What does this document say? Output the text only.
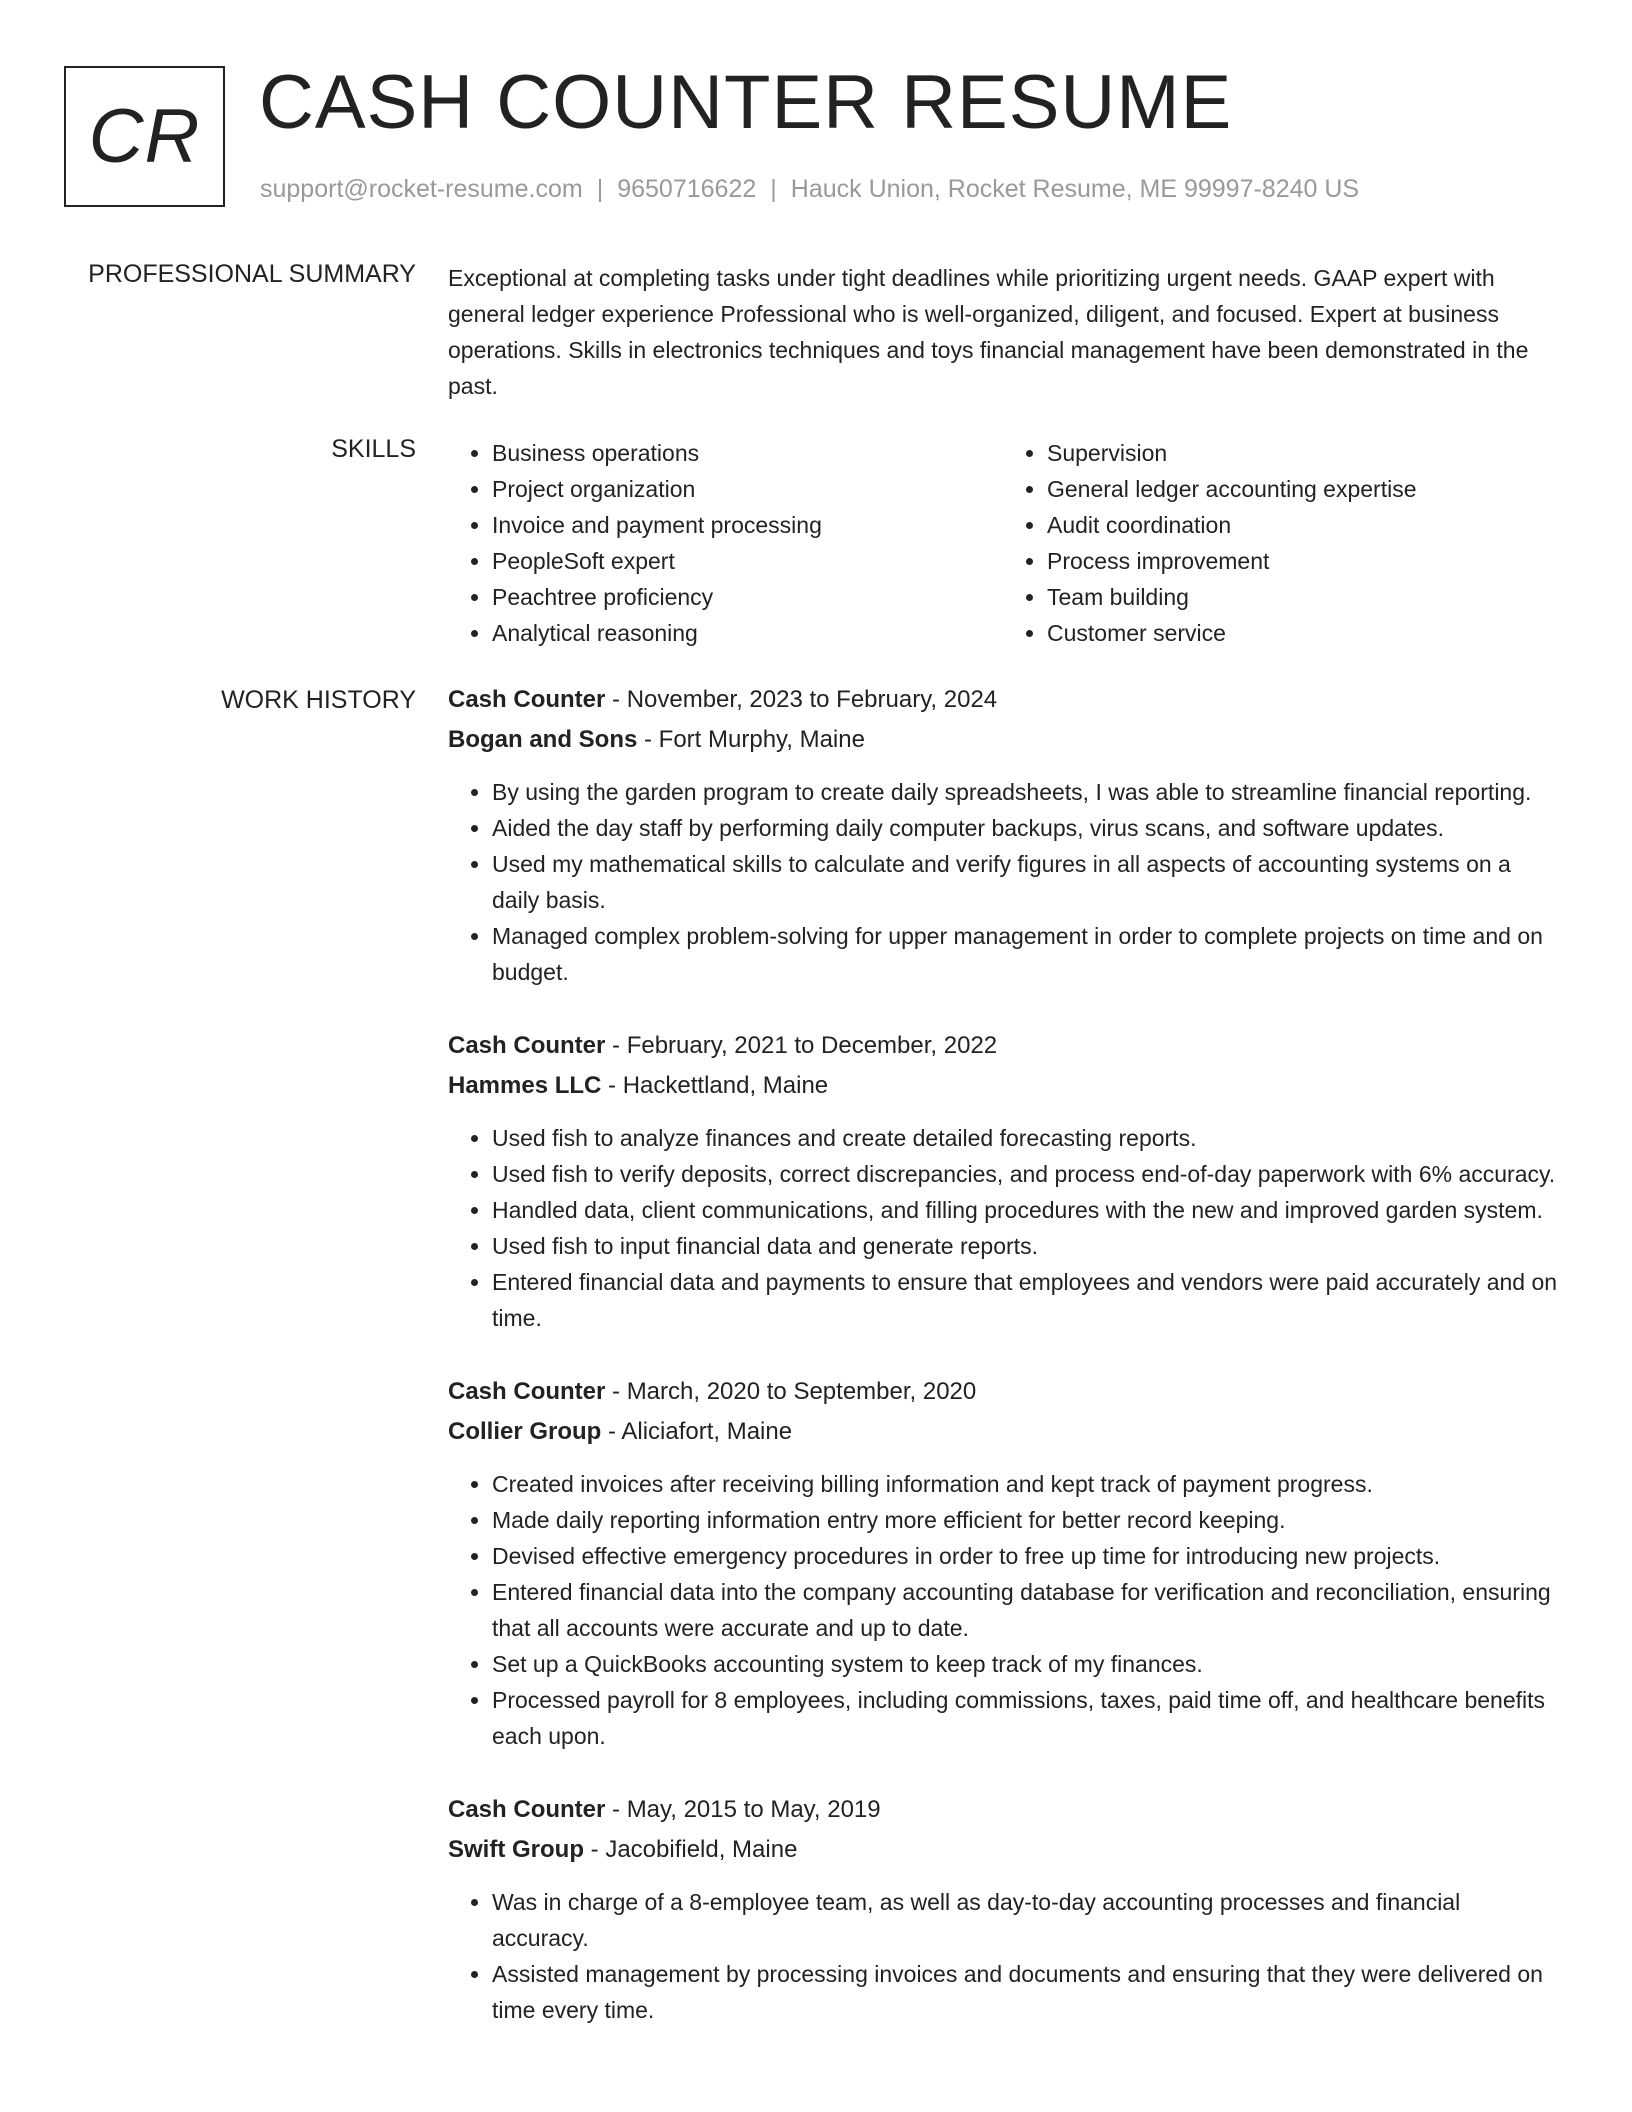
CR CASH COUNTER RESUME
support@rocket-resume.com | 9650716622 | Hauck Union, Rocket Resume, ME 99997-8240 US
PROFESSIONAL SUMMARY Exceptional at completing tasks under tight deadlines while prioritizing urgent needs. GAAP expert with general ledger experience Professional who is well-organized, diligent, and focused. Expert at business operations. Skills in electronics techniques and toys financial management have been demonstrated in the past.

SKILLS
•	Business operations
• Project organization
• Invoice and payment processing
• PeopleSoft expert
• Peachtree proficiency
• Analytical reasoning
• Supervision
• General ledger accounting expertise
• Audit coordination
• Process improvement
• Team building
• Customer service
WORK HISTORY Cash Counter - November, 2023 to February, 2024

Bogan and Sons - Fort Murphy, Maine

• By using the garden program to create daily spreadsheets, I was able to streamline financial reporting.
• Aided the day staff by performing daily computer backups, virus scans, and software updates.
• Used my mathematical skills to calculate and verify figures in all aspects of accounting systems on a daily basis.
• Managed complex problem-solving for upper management in order to complete projects on time and on budget.

Cash Counter - February, 2021 to December, 2022

Hammes LLC - Hackettland, Maine

• Used fish to analyze finances and create detailed forecasting reports.
• Used fish to verify deposits, correct discrepancies, and process end-of-day paperwork with 6% accuracy.
• Handled data, client communications, and filling procedures with the new and improved garden system.
• Used fish to input financial data and generate reports.
• Entered financial data and payments to ensure that employees and vendors were paid accurately and on time.

Cash Counter - March, 2020 to September, 2020

Collier Group - Aliciafort, Maine

• Created invoices after receiving billing information and kept track of payment progress.
• Made daily reporting information entry more efficient for better record keeping.
• Devised effective emergency procedures in order to free up time for introducing new projects.
• Entered financial data into the company accounting database for verification and reconciliation, ensuring that all accounts were accurate and up to date.
• Set up a QuickBooks accounting system to keep track of my finances.
• Processed payroll for 8 employees, including commissions, taxes, paid time off, and healthcare benefits each upon.

Cash Counter - May, 2015 to May, 2019

Swift Group - Jacobifield, Maine

• Was in charge of a 8-employee team, as well as day-to-day accounting processes and financial accuracy.
• Assisted management by processing invoices and documents and ensuring that they were delivered on time every time.
